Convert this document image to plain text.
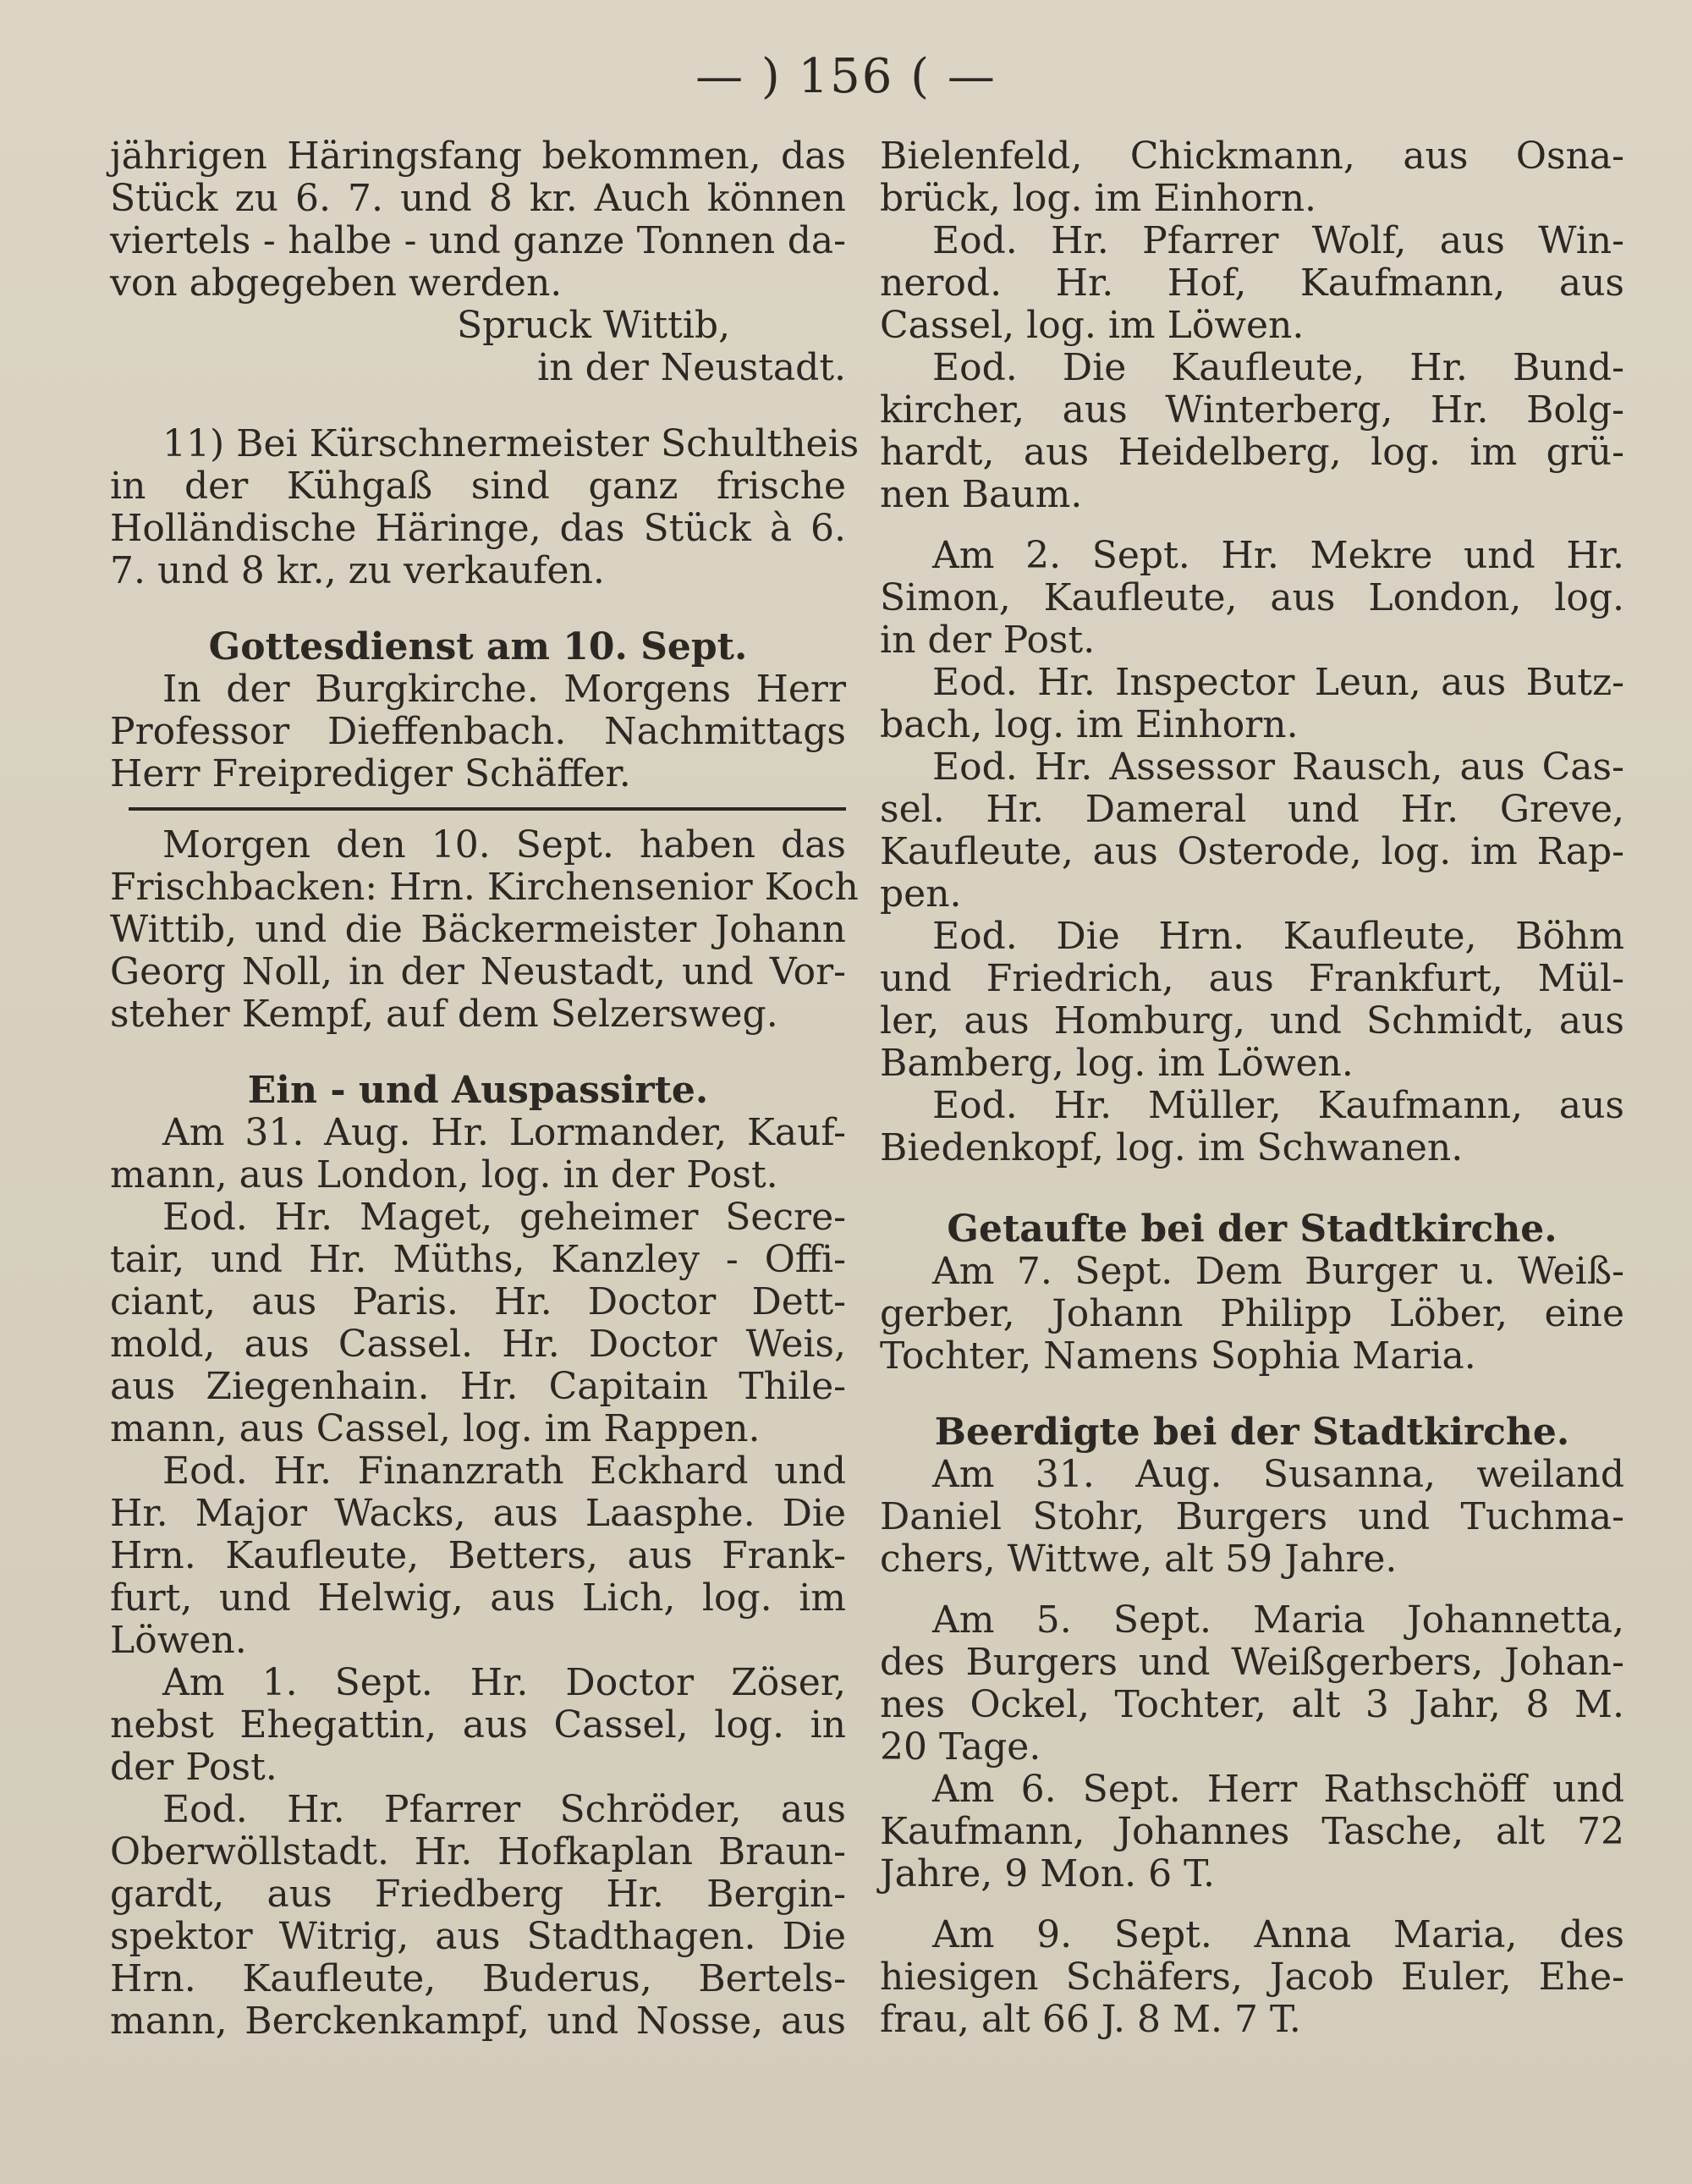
— ) 156 ( —
jährigen Häringsfang bekommen, das
Stück zu 6. 7. und 8 kr. Auch können
viertels - halbe - und ganze Tonnen da-
von abgegeben werden.
Spruck Wittib,
in der Neustadt.
11) Bei Kürschnermeister Schultheis
in der Kühgaß sind ganz frische
Holländische Häringe, das Stück à 6.
7. und 8 kr., zu verkaufen.
Gottesdienst am 10. Sept.
In der Burgkirche. Morgens Herr
Professor Dieffenbach. Nachmittags
Herr Freiprediger Schäffer.
Morgen den 10. Sept. haben das
Frischbacken: Hrn. Kirchensenior Koch
Wittib, und die Bäckermeister Johann
Georg Noll, in der Neustadt, und Vor-
steher Kempf, auf dem Selzersweg.
Ein - und Auspassirte.
Am 31. Aug. Hr. Lormander, Kauf-
mann, aus London, log. in der Post.
Eod. Hr. Maget, geheimer Secre-
tair, und Hr. Müths, Kanzley - Offi-
ciant, aus Paris. Hr. Doctor Dett-
mold, aus Cassel. Hr. Doctor Weis,
aus Ziegenhain. Hr. Capitain Thile-
mann, aus Cassel, log. im Rappen.
Eod. Hr. Finanzrath Eckhard und
Hr. Major Wacks, aus Laasphe. Die
Hrn. Kaufleute, Betters, aus Frank-
furt, und Helwig, aus Lich, log. im
Löwen.
Am 1. Sept. Hr. Doctor Zöser,
nebst Ehegattin, aus Cassel, log. in
der Post.
Eod. Hr. Pfarrer Schröder, aus
Oberwöllstadt. Hr. Hofkaplan Braun-
gardt, aus Friedberg Hr. Bergin-
spektor Witrig, aus Stadthagen. Die
Hrn. Kaufleute, Buderus, Bertels-
mann, Berckenkampf, und Nosse, aus
Bielenfeld, Chickmann, aus Osna-
brück, log. im Einhorn.
Eod. Hr. Pfarrer Wolf, aus Win-
nerod. Hr. Hof, Kaufmann, aus
Cassel, log. im Löwen.
Eod. Die Kaufleute, Hr. Bund-
kircher, aus Winterberg, Hr. Bolg-
hardt, aus Heidelberg, log. im grü-
nen Baum.
Am 2. Sept. Hr. Mekre und Hr.
Simon, Kaufleute, aus London, log.
in der Post.
Eod. Hr. Inspector Leun, aus Butz-
bach, log. im Einhorn.
Eod. Hr. Assessor Rausch, aus Cas-
sel. Hr. Dameral und Hr. Greve,
Kaufleute, aus Osterode, log. im Rap-
pen.
Eod. Die Hrn. Kaufleute, Böhm
und Friedrich, aus Frankfurt, Mül-
ler, aus Homburg, und Schmidt, aus
Bamberg, log. im Löwen.
Eod. Hr. Müller, Kaufmann, aus
Biedenkopf, log. im Schwanen.
Getaufte bei der Stadtkirche.
Am 7. Sept. Dem Burger u. Weiß-
gerber, Johann Philipp Löber, eine
Tochter, Namens Sophia Maria.
Beerdigte bei der Stadtkirche.
Am 31. Aug. Susanna, weiland
Daniel Stohr, Burgers und Tuchma-
chers, Wittwe, alt 59 Jahre.
Am 5. Sept. Maria Johannetta,
des Burgers und Weißgerbers, Johan-
nes Ockel, Tochter, alt 3 Jahr, 8 M.
20 Tage.
Am 6. Sept. Herr Rathschöff und
Kaufmann, Johannes Tasche, alt 72
Jahre, 9 Mon. 6 T.
Am 9. Sept. Anna Maria, des
hiesigen Schäfers, Jacob Euler, Ehe-
frau, alt 66 J. 8 M. 7 T.
